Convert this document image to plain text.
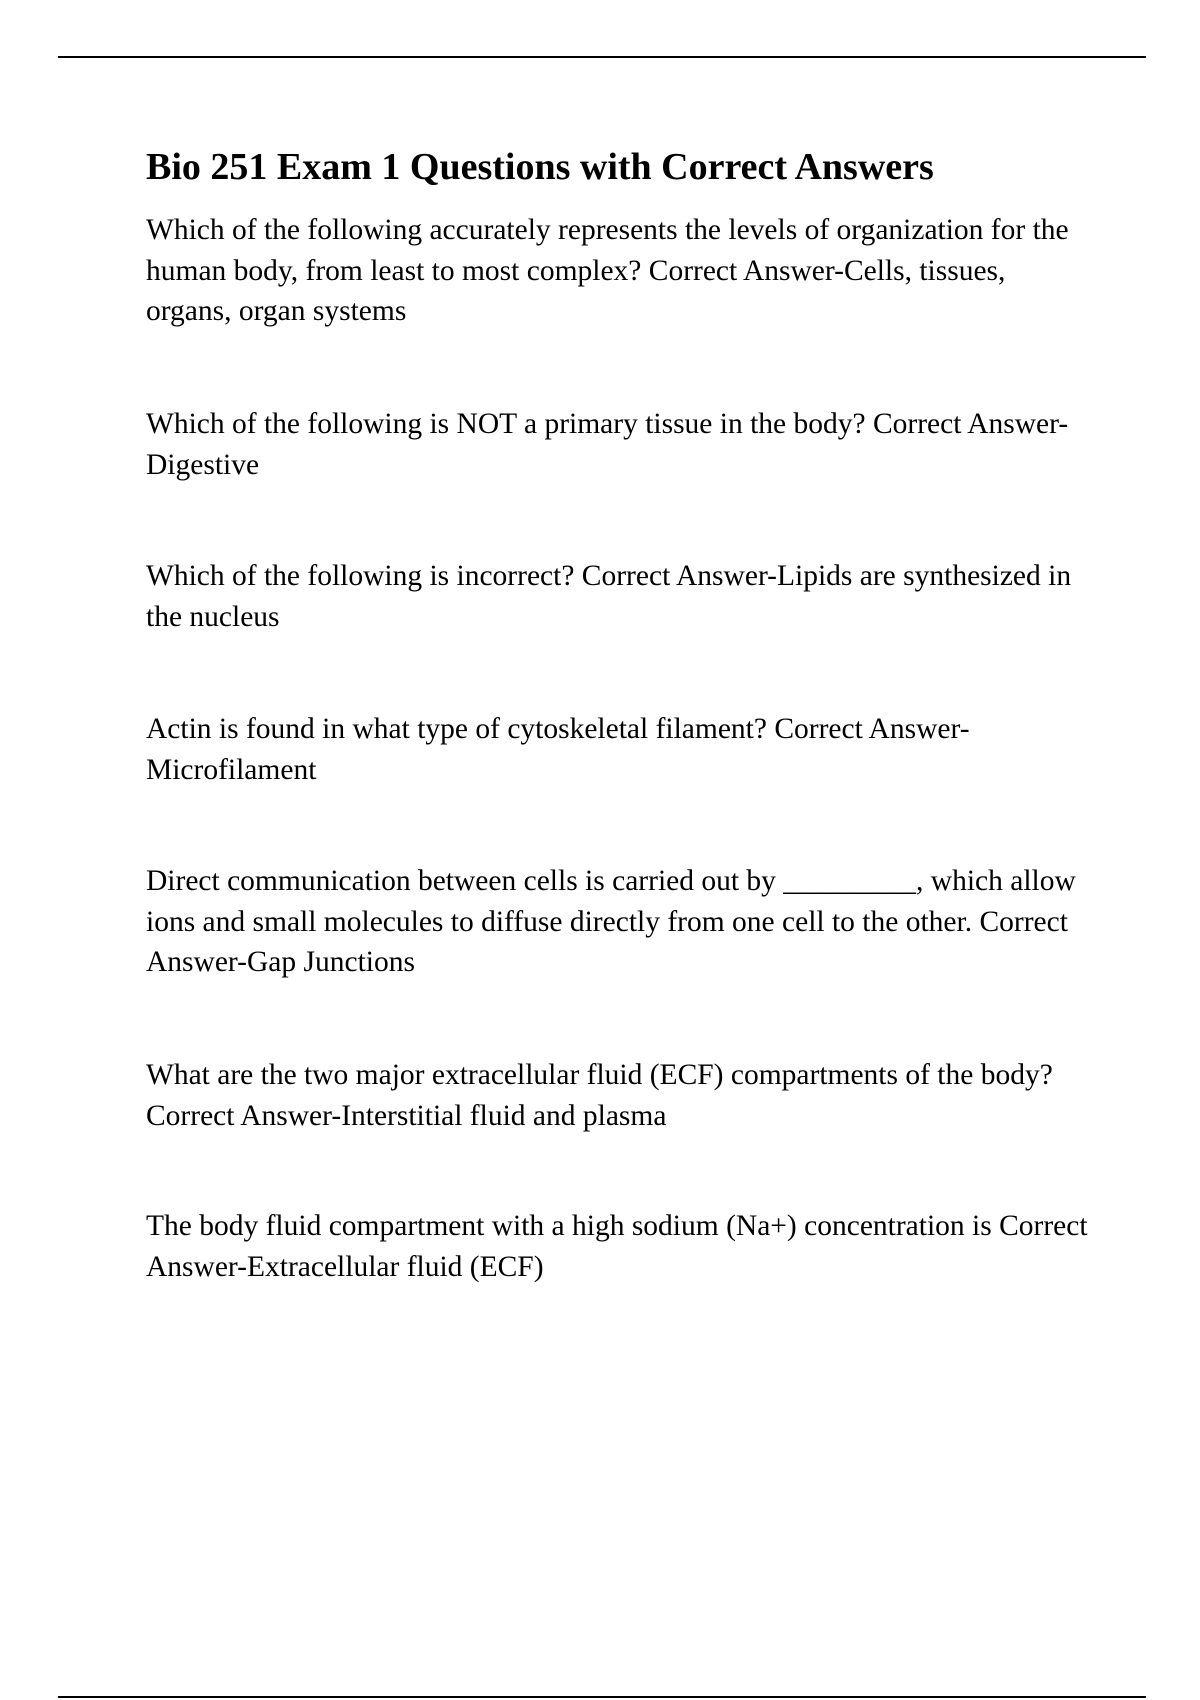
Bio 251 Exam 1 Questions with Correct Answers

Which of the following accurately represents the levels of organization for the human body, from least to most complex? Correct Answer-Cells, tissues, organs, organ systems

Which of the following is NOT a primary tissue in the body? Correct Answer-Digestive

Which of the following is incorrect? Correct Answer-Lipids are synthesized in the nucleus

Actin is found in what type of cytoskeletal filament? Correct Answer-Microfilament

Direct communication between cells is carried out by _________, which allow ions and small molecules to diffuse directly from one cell to the other. Correct Answer-Gap Junctions

What are the two major extracellular fluid (ECF) compartments of the body? Correct Answer-Interstitial fluid and plasma

The body fluid compartment with a high sodium (Na+) concentration is Correct Answer-Extracellular fluid (ECF)
